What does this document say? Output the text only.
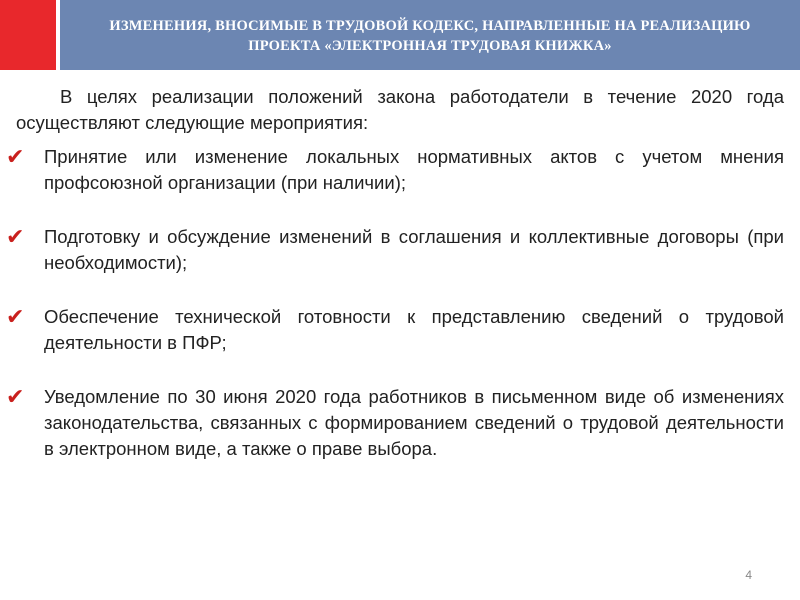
ИЗМЕНЕНИЯ, ВНОСИМЫЕ В ТРУДОВОЙ КОДЕКС, НАПРАВЛЕННЫЕ НА РЕАЛИЗАЦИЮ ПРОЕКТА «ЭЛЕКТРОННАЯ ТРУДОВАЯ КНИЖКА»

В целях реализации положений закона работодатели в течение 2020 года осуществляют следующие мероприятия:

✔ Принятие или изменение локальных нормативных актов с учетом мнения профсоюзной организации (при наличии);
✔ Подготовку и обсуждение изменений в соглашения и коллективные договоры (при необходимости);
✔ Обеспечение технической готовности к представлению сведений о трудовой деятельности в ПФР;
✔ Уведомление по 30 июня 2020 года работников в письменном виде об изменениях законодательства, связанных с формированием сведений о трудовой деятельности в электронном виде, а также о праве выбора.
4
